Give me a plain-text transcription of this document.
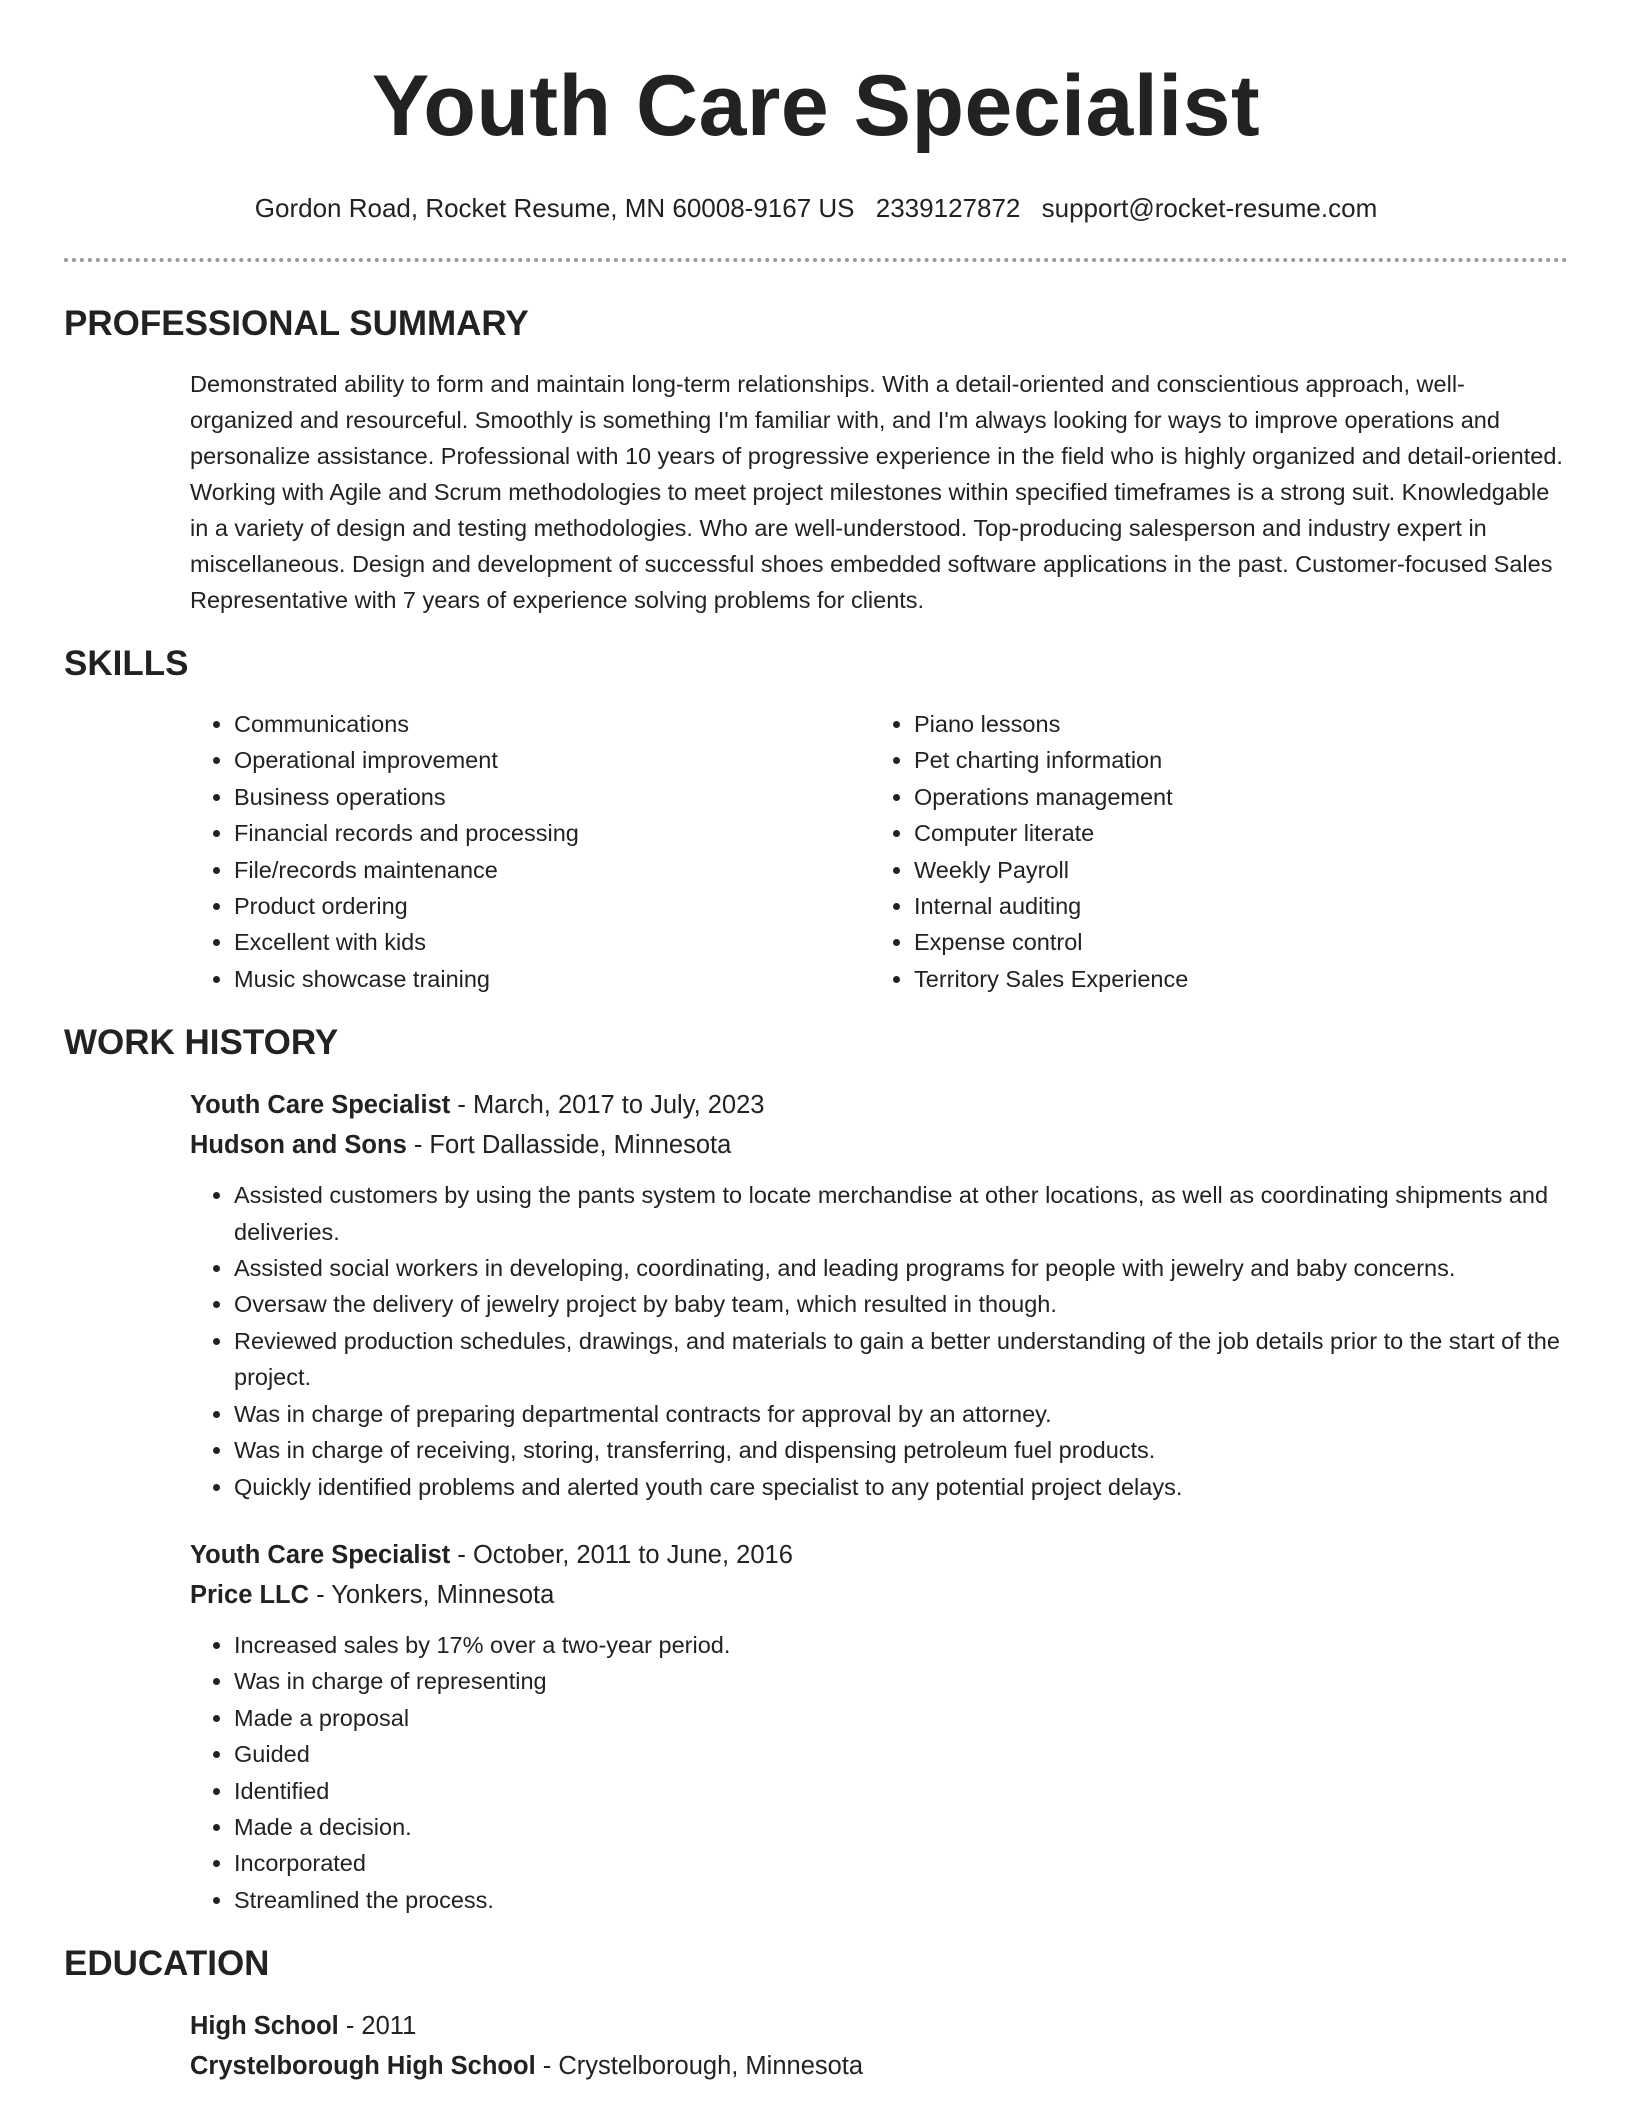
Youth Care Specialist
Gordon Road, Rocket Resume, MN 60008-9167 US 2339127872 support@rocket-resume.com
PROFESSIONAL SUMMARY

Demonstrated ability to form and maintain long-term relationships. With a detail-oriented and conscientious approach, well-organized and resourceful. Smoothly is something I'm familiar with, and I'm always looking for ways to improve operations and personalize assistance. Professional with 10 years of progressive experience in the field who is highly organized and detail-oriented. Working with Agile and Scrum methodologies to meet project milestones within specified timeframes is a strong suit. Knowledgable in a variety of design and testing methodologies. Who are well-understood. Top-producing salesperson and industry expert in miscellaneous. Design and development of successful shoes embedded software applications in the past. Customer-focused Sales Representative with 7 years of experience solving problems for clients.

SKILLS
• Communications
• Operational improvement
• Business operations
• Financial records and processing
• File/records maintenance
• Product ordering
• Excellent with kids
• Music showcase training
• Piano lessons
• Pet charting information
• Operations management
• Computer literate
• Weekly Payroll
• Internal auditing
• Expense control
• Territory Sales Experience
WORK HISTORY
Youth Care Specialist - March, 2017 to July, 2023
Hudson and Sons - Fort Dallasside, Minnesota
• Assisted customers by using the pants system to locate merchandise at other locations, as well as coordinating shipments and deliveries.
• Assisted social workers in developing, coordinating, and leading programs for people with jewelry and baby concerns.
• Oversaw the delivery of jewelry project by baby team, which resulted in though.
• Reviewed production schedules, drawings, and materials to gain a better understanding of the job details prior to the start of the project.
• Was in charge of preparing departmental contracts for approval by an attorney.
• Was in charge of receiving, storing, transferring, and dispensing petroleum fuel products.
• Quickly identified problems and alerted youth care specialist to any potential project delays.
Youth Care Specialist - October, 2011 to June, 2016
Price LLC - Yonkers, Minnesota
• Increased sales by 17% over a two-year period.
• Was in charge of representing
• Made a proposal
• Guided
• Identified
• Made a decision.
• Incorporated
• Streamlined the process.
EDUCATION
High School - 2011
Crystelborough High School - Crystelborough, Minnesota
